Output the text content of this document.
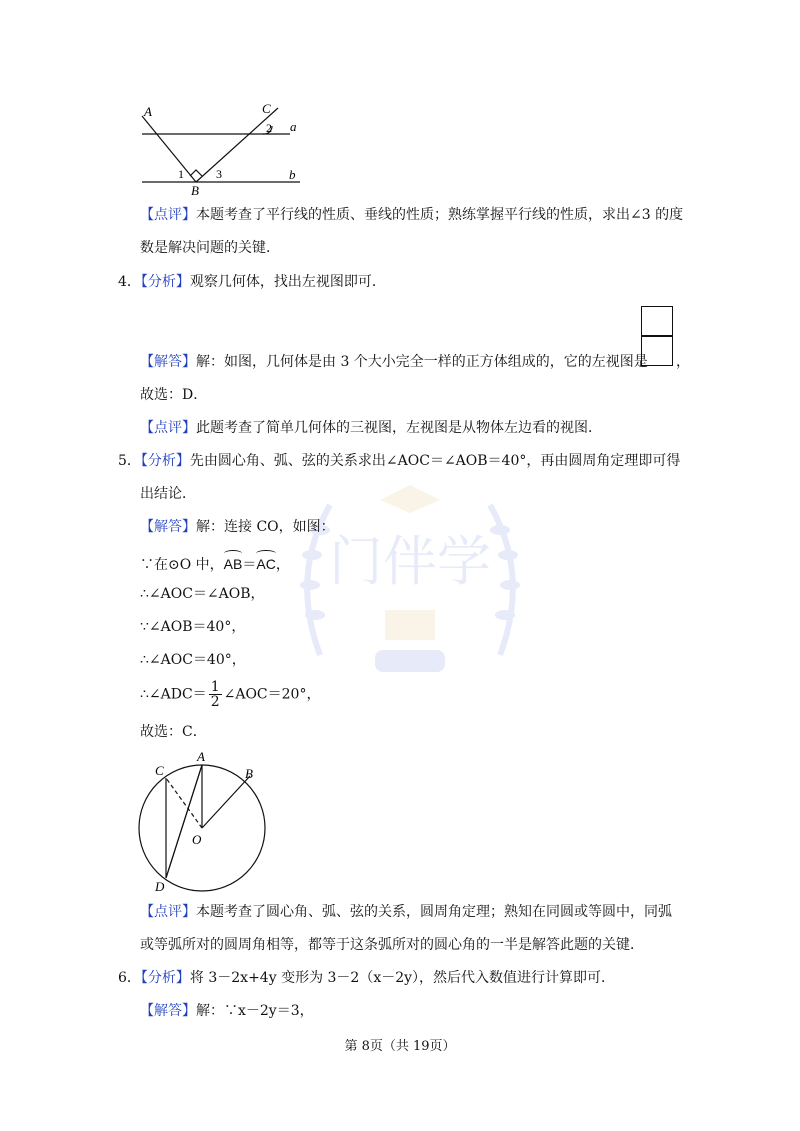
门伴学
A	C
2 a
1	3	b
B
【点评】本题考查了平行线的性质、垂线的性质；熟练掌握平行线的性质，求出∠3 的度
数是解决问题的关键．
4．【分析】观察几何体，找出左视图即可．
【解答】解：如图，几何体是由 3 个大小完全一样的正方体组成的，它的左视图是 ，
故选：D．
【点评】此题考查了简单几何体的三视图，左视图是从物体左边看的视图．
5．【分析】先由圆心角、弧、弦的关系求出∠AOC＝∠AOB＝40°，再由圆周角定理即可得
出结论．
【解答】解：连接 CO，如图：
∵在⊙O 中，AB＝AC，
∴∠AOC＝∠AOB，
∵∠AOB＝40°，
∴∠AOC＝40°，
∴∠ADC＝ $\frac{1}{2}$ ∠AOC＝20°，
故选：C．
A
B
C
D
O
【点评】本题考查了圆心角、弧、弦的关系，圆周角定理；熟知在同圆或等圆中，同弧
或等弧所对的圆周角相等，都等于这条弧所对的圆心角的一半是解答此题的关键．
6．【分析】将 3－2x+4y 变形为 3－2（x－2y），然后代入数值进行计算即可．
【解答】解：∵x－2y＝3，
第 8页（共 19页）
